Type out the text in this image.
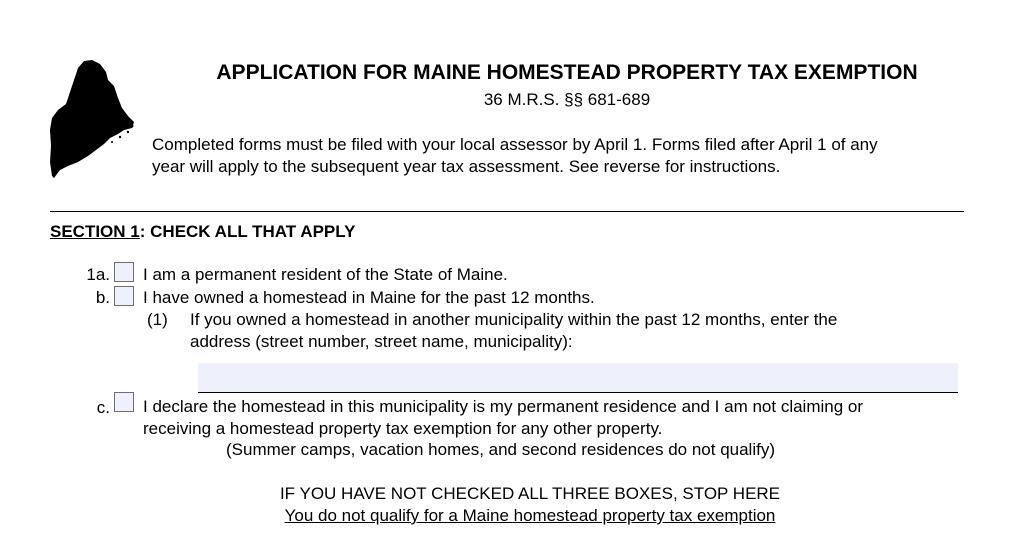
APPLICATION FOR MAINE HOMESTEAD PROPERTY TAX EXEMPTION
36 M.R.S. §§ 681-689
Completed forms must be filed with your local assessor by April 1. Forms filed after April 1 of any
year will apply to the subsequent year tax assessment. See reverse for instructions.
SECTION 1: CHECK ALL THAT APPLY
1a. I am a permanent resident of the State of Maine.
b. I have owned a homestead in Maine for the past 12 months.
(1) If you owned a homestead in another municipality within the past 12 months, enter the
address (street number, street name, municipality):
c. I declare the homestead in this municipality is my permanent residence and I am not claiming or
receiving a homestead property tax exemption for any other property.
(Summer camps, vacation homes, and second residences do not qualify)
IF YOU HAVE NOT CHECKED ALL THREE BOXES, STOP HERE
You do not qualify for a Maine homestead property tax exemption
